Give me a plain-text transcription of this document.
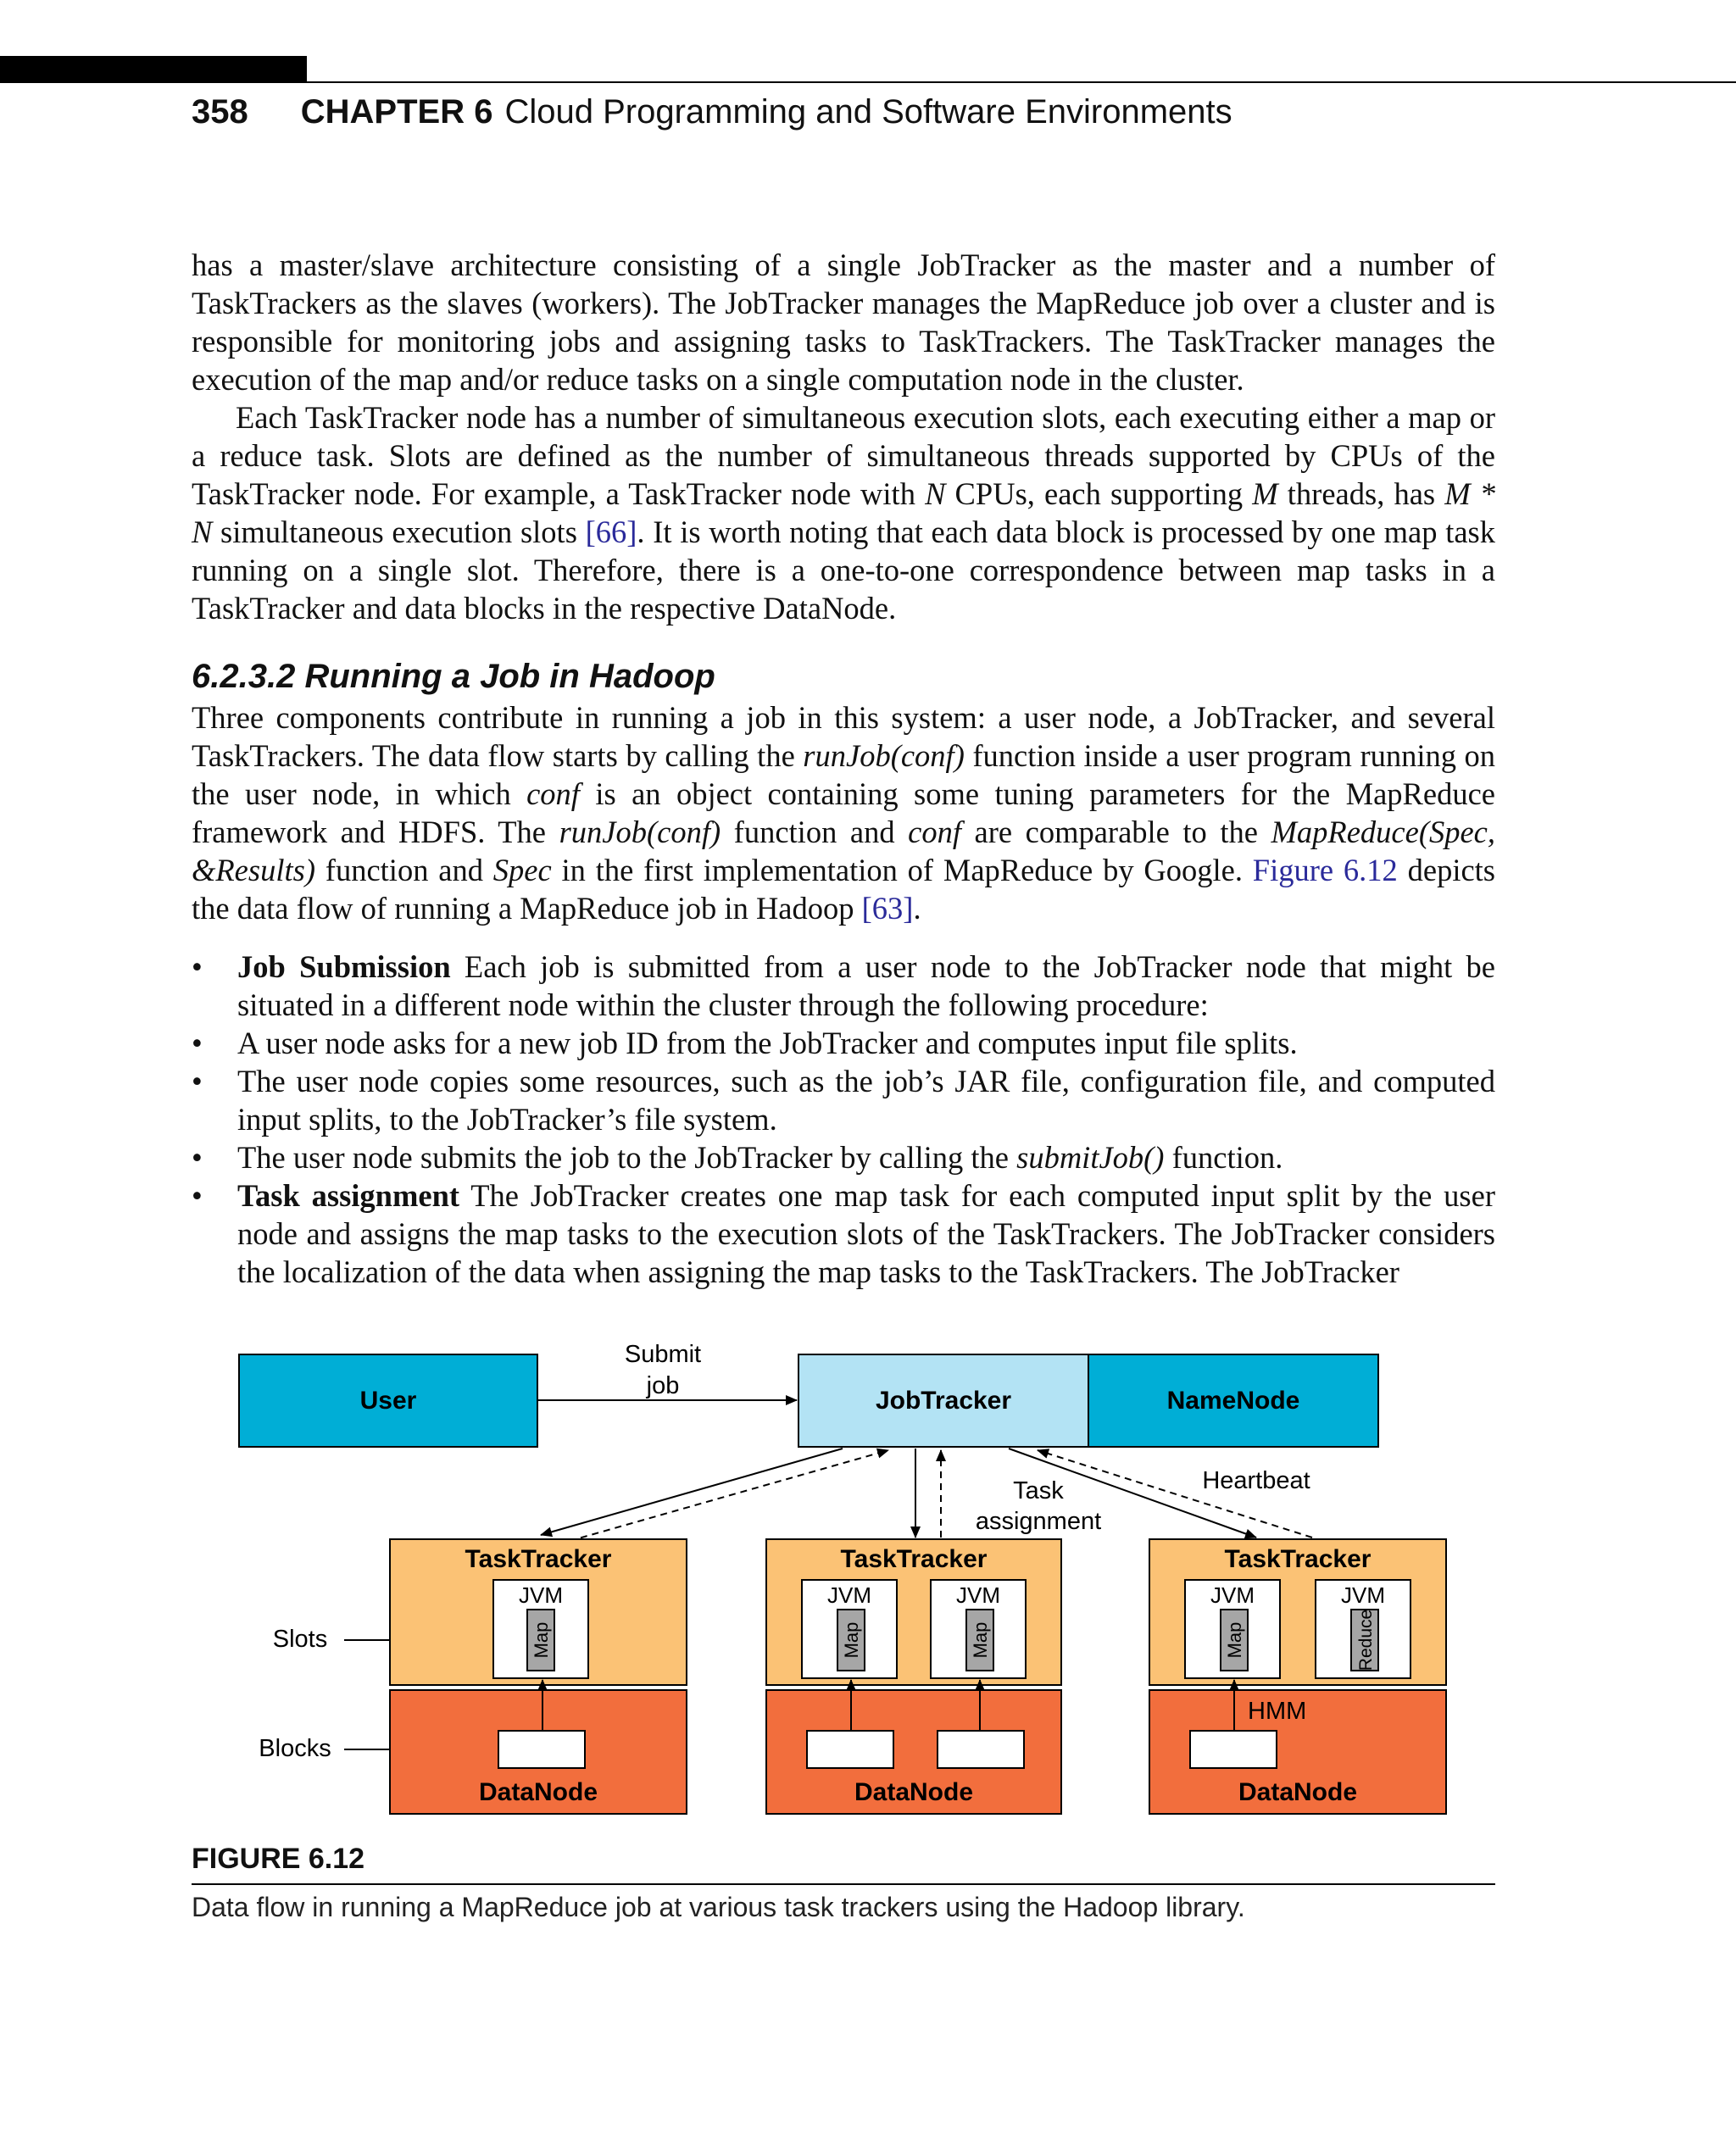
358 CHAPTER 6 Cloud Programming and Software Environments

has a master/slave architecture consisting of a single JobTracker as the master and a number of TaskTrackers as the slaves (workers). The JobTracker manages the MapReduce job over a cluster and is responsible for monitoring jobs and assigning tasks to TaskTrackers. The TaskTracker manages the execution of the map and/or reduce tasks on a single computation node in the cluster.

Each TaskTracker node has a number of simultaneous execution slots, each executing either a map or a reduce task. Slots are defined as the number of simultaneous threads supported by CPUs of the TaskTracker node. For example, a TaskTracker node with N CPUs, each supporting M threads, has M * N simultaneous execution slots [66]. It is worth noting that each data block is processed by one map task running on a single slot. Therefore, there is a one-to-one correspondence between map tasks in a TaskTracker and data blocks in the respective DataNode.

6.2.3.2 Running a Job in Hadoop

Three components contribute in running a job in this system: a user node, a JobTracker, and several TaskTrackers. The data flow starts by calling the runJob(conf) function inside a user program running on the user node, in which conf is an object containing some tuning parameters for the MapReduce framework and HDFS. The runJob(conf) function and conf are comparable to the MapReduce(Spec, &Results) function and Spec in the first implementation of MapReduce by Google. Figure 6.12 depicts the data flow of running a MapReduce job in Hadoop [63].

• Job Submission Each job is submitted from a user node to the JobTracker node that might be situated in a different node within the cluster through the following procedure:
• A user node asks for a new job ID from the JobTracker and computes input file splits.
• The user node copies some resources, such as the job’s JAR file, configuration file, and computed input splits, to the JobTracker’s file system.
• The user node submits the job to the JobTracker by calling the submitJob() function.
• Task assignment The JobTracker creates one map task for each computed input split by the user node and assigns the map tasks to the execution slots of the TaskTrackers. The JobTracker considers the localization of the data when assigning the map tasks to the TaskTrackers. The JobTracker
User	JobTracker	NameNode
Submit
job
Task
assignment
Heartbeat
Slots
Blocks
TaskTracker
JVM
Map
DataNode
TaskTracker
JVM
Map
JVM
Map
DataNode
TaskTracker
JVM
Map
JVM
Reduce
HMM
DataNode
FIGURE 6.12
Data flow in running a MapReduce job at various task trackers using the Hadoop library.
